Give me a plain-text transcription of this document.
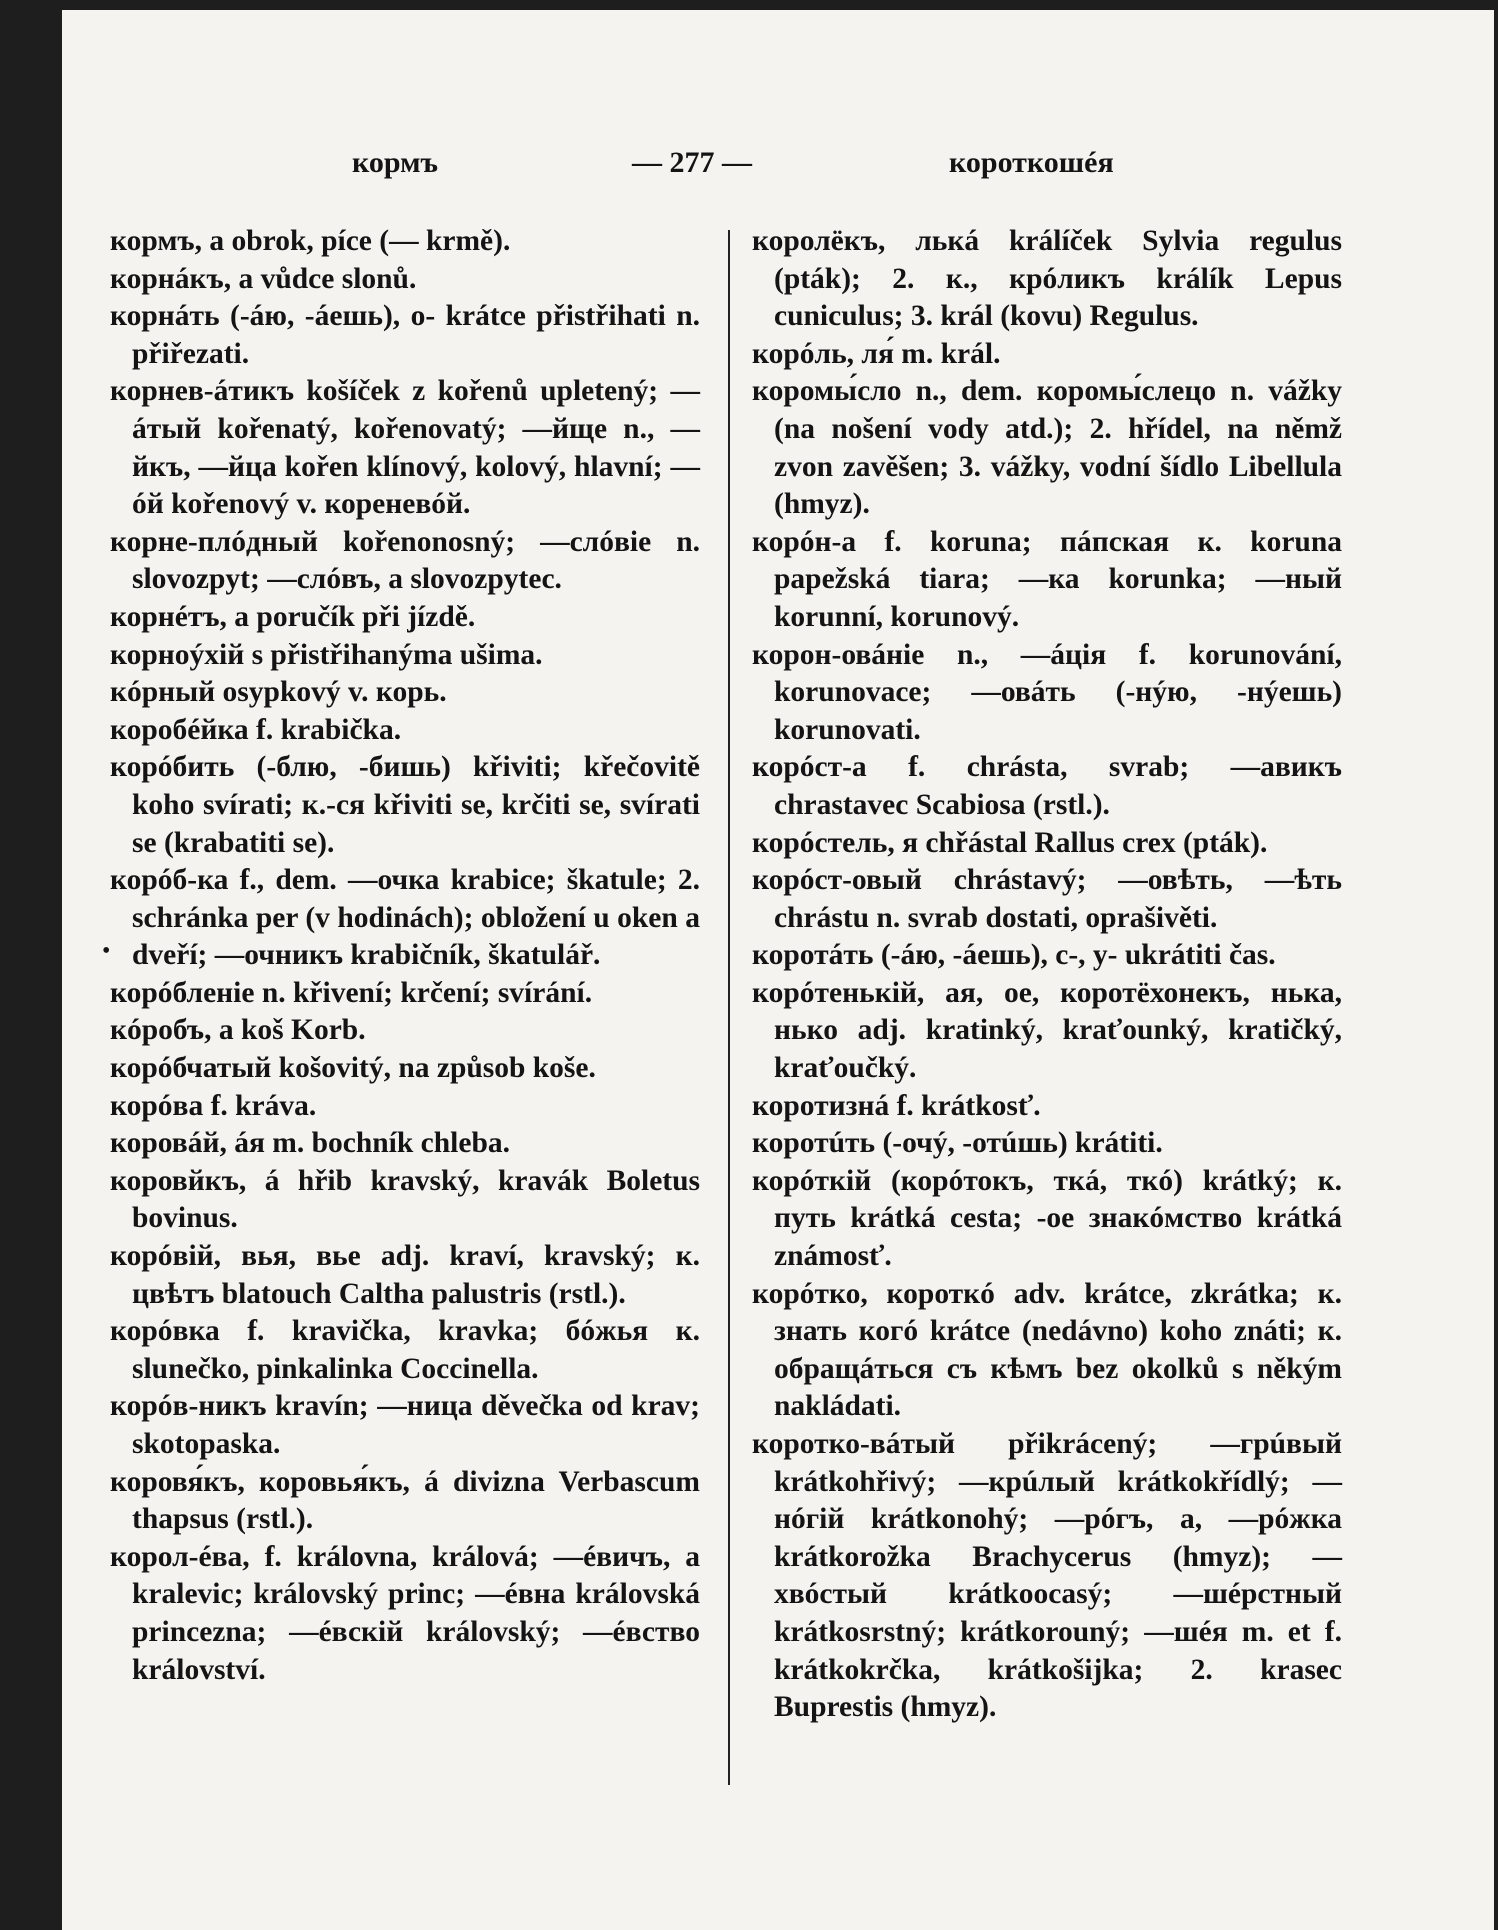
кормъ	— 277 —	короткошéя
кормъ, a obrok, píce (— krmě).
корнáкъ, a vůdce slonů.
корнáть (-áю, -áешь), o- krátce přistřihati n. přiřezati.
корнев-áтикъ košíček z kořenů upletený; —áтый kořenatý, kořenovatý; —йще n., —йкъ, —йца kořen klínový, kolový, hlavní; —óй kořenový v. кореневóй.
корне-плóдный kořenonosný; —слóвie n. slovozpyt; —слóвъ, a slovozpytec.
корнéтъ, a poručík při jízdě.
корноýхій s přistřihanýma ušima.
кóрный osypkový v. корь.
коробéйка f. krabička.
корóбить (-блю, -бишь) křiviti; křečovitě koho svírati; к.-ся křiviti se, krčiti se, svírati se (krabatiti se).
корóб-ка f., dem. —очка krabice; škatule; 2. schránka per (v hodinách); obložení u oken a dveří; —очникъ krabičník, škatulář.
корóбленie n. křivení; krčení; svírání.
кóробъ, a koš Korb.
корóбчатый košovitý, na způsob koše.
корóва f. kráva.
коровáй, áя m. bochník chleba.
коровйкъ, á hřib kravský, kravák Boletus bovinus.
корóвій, вья, вье adj. kraví, kravský; к. цвѣтъ blatouch Caltha palustris (rstl.).
корóвка f. kravička, kravka; бóжья к. slunečko, pinkalinka Coccinella.
корóв-никъ kravín; —ница děvečka od krav; skotopaska.
коровя́къ, коровья́къ, á divizna Verbascum thapsus (rstl.).
корол-éва, f. královna, králová; —éвичъ, a kralevic; královský princ; —éвна královská princezna; —éвскій královský; —éвство království.
королёкъ, лькá králíček Sylvia regulus (pták); 2. к., крóликъ králík Lepus cuniculus; 3. král (kovu) Regulus.
корóль, ля́ m. král.
коромы́сло n., dem. коромы́слецо n. vážky (na nošení vody atd.); 2. hřídel, na němž zvon zavěšen; 3. vážky, vodní šídlo Libellula (hmyz).
корóн-а f. koruna; пáпская к. koruna papežská tiara; —ка korunka; —ный korunní, korunový.
корон-овáнie n., —áція f. korunování, korunovace; —овáть (-нýю, -нýешь) korunovati.
корóст-а f. chrásta, svrab; —авикъ chrastavec Scabiosa (rstl.).
корóстель, я chřástal Rallus crex (pták).
корóст-овый chrástavý; —овѣть, —ѣть chrástu n. svrab dostati, oprašivěti.
коротáть (-áю, -áешь), с-, у- ukrátiti čas.
корóтенькій, ая, ое, коротёхонекъ, нька, нько adj. kratinký, kraťounký, kratičký, kraťoučký.
коротизнá f. krátkosť.
коротúть (-очý, -отúшь) krátiti.
корóткій (корóтокъ, ткá, ткó) krátký; к. путь krátká cesta; -ое знакóмство krátká známosť.
корóтко, короткó adv. krátce, zkrátka; к. знать когó krátce (nedávno) koho znáti; к. обращáться съ кѣмъ bez okolků s někým nakládati.
коротко-вáтый přikrácený; —грúвый krátkohřivý; —крúлый krátkokřídlý; —нóгій krátkonohý; —рóгъ, a, —рóжка krátkorožka Brachycerus (hmyz); —хвóстый krátkoocasý; —шéрстный krátkosrstný; krátkorouný; —шéя m. et f. krátkokrčka, krátkošijka; 2. krasec Buprestis (hmyz).
•
